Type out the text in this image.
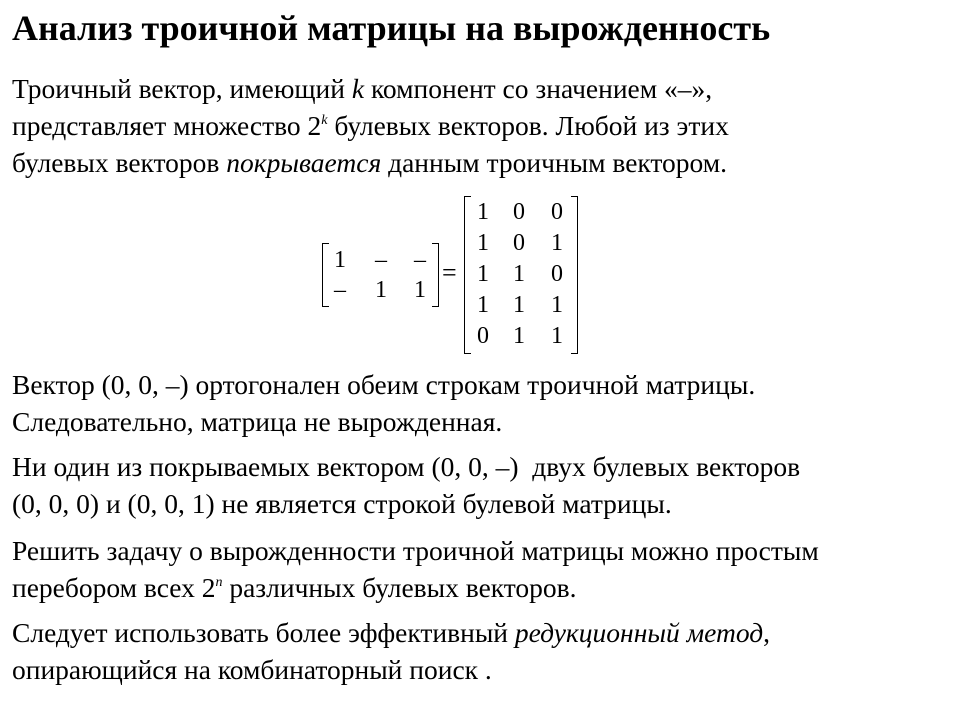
Анализ троичной матрицы на вырожденность

Троичный вектор, имеющий k компонент со значением «–»,
представляет множество 2$^k$ булевых векторов. Любой из этих
булевых векторов покрывается данным троичным вектором.

1	–	–
–	1	1
=
1	0	0
1	0	1
1	1	0
1	1	1
0	1	1

Вектор (0, 0, –) ортогонален обеим строкам троичной матрицы.
Следовательно, матрица не вырожденная.

Ни один из покрываемых вектором (0, 0, –)  двух булевых векторов
(0, 0, 0) и (0, 0, 1) не является строкой булевой матрицы.

Решить задачу о вырожденности троичной матрицы можно простым
перебором всех 2$^n$ различных булевых векторов.

Следует использовать более эффективный редукционный метод,
опирающийся на комбинаторный поиск .
